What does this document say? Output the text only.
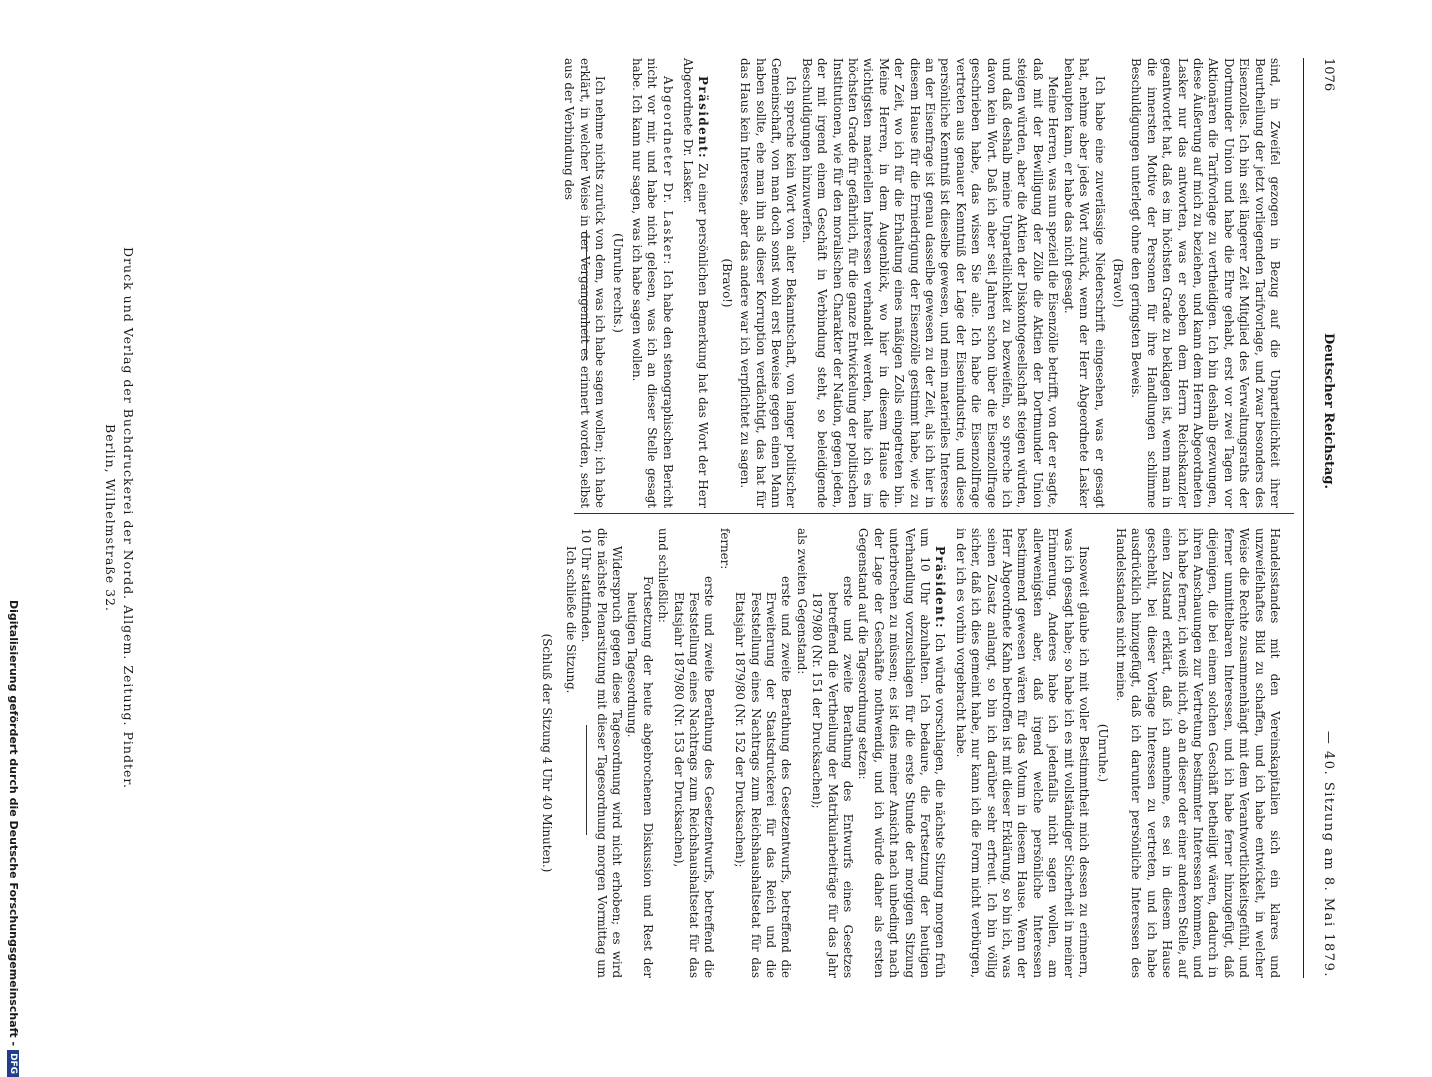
1076
Deutscher Reichstag.
— 40. Sitzung am 8. Mai 1879.

sind, in Zweifel gezogen in Bezug auf die Unparteilichkeit ihrer Beurtheilung der jetzt vorliegenden Tarifvorlage, und zwar besonders des Eisenzolles. Ich bin seit längerer Zeit Mitglied des Verwaltungsraths der Dortmunder Union und habe die Ehre gehabt, erst vor zwei Tagen vor Aktionären die Tarifvorlage zu vertheidigen. Ich bin deshalb gezwungen, diese Äußerung auf mich zu beziehen, und kann dem Herrn Abgeordneten Lasker nur das antworten, was er soeben dem Herrn Reichskanzler geantwortet hat, daß es im höchsten Grade zu beklagen ist, wenn man in die innersten Motive der Personen für ihre Handlungen schlimme Beschuldigungen unterlegt ohne den geringsten Beweis.

(Bravo!)

Ich habe eine zuverlässige Niederschrift eingesehen, was er gesagt hat, nehme aber jedes Wort zurück, wenn der Herr Abgeordnete Lasker behaupten kann, er habe das nicht gesagt.

Meine Herren, was nun speziell die Eisenzölle betrifft, von der er sagte, daß mit der Bewilligung der Zölle die Aktien der Dortmunder Union steigen würden, aber die Aktien der Diskontogesellschaft steigen würden, und daß deshalb meine Unparteilichkeit zu bezweifeln, so spreche ich davon kein Wort. Daß ich aber seit Jahren schon über die Eisenzollfrage geschrieben habe, das wissen Sie alle. Ich habe die Eisenzollfrage vertreten aus genauer Kenntniß der Lage der Eisenindustrie, und diese persönliche Kenntniß ist dieselbe gewesen, und mein materielles Interesse an der Eisenfrage ist genau dasselbe gewesen zu der Zeit, als ich hier in diesem Hause für die Erniedrigung der Eisenzölle gestimmt habe, wie zu der Zeit, wo ich für die Erhaltung eines mäßigen Zolls eingetreten bin. Meine Herren, in dem Augenblick, wo hier in diesem Hause die wichtigsten materiellen Interessen verhandelt werden, halte ich es im höchsten Grade für gefährlich, für die ganze Entwickelung der politischen Institutionen, wie für den moralischen Charakter der Nation, gegen jeden, der mit irgend einem Geschäft in Verbindung steht, so beleidigende Beschuldigungen hinzuwerfen.

Ich spreche kein Wort von alter Bekanntschaft, von langer politischer Gemeinschaft, von man doch sonst wohl erst Beweise gegen einen Mann haben sollte, ehe man ihn als dieser Korruption verdächtigt, das hat für das Haus kein Interesse, aber das andere war ich verpflichtet zu sagen.

(Bravo!)

Präsident: Zu einer persönlichen Bemerkung hat das Wort der Herr Abgeordnete Dr. Lasker.

Abgeordneter Dr. Lasker: Ich habe den stenographischen Bericht nicht vor mir, und habe nicht gelesen, was ich an dieser Stelle gesagt habe. Ich kann nur sagen, was ich habe sagen wollen.

(Unruhe rechts.)

Ich nehme nichts zurück von dem, was ich habe sagen wollen; ich habe erklärt, in welcher Weise in der Vergangenheit es erinnert worden, selbst aus der Verbindung des

Handelsstandes mit den Vereinskapitalien sich ein klares und unzweifelhaftes Bild zu schaffen, und ich habe entwickelt, in welcher Weise die Rechte zusammenhängt mit dem Verantwortlichkeitsgefühl, und ferner unmittelbaren Interessen, und ich habe ferner hinzugefügt, daß diejenigen, die bei einem solchen Geschäft betheiligt wären, dadurch in ihren Anschauungen zur Vertretung bestimmter Interessen kommen, und ich habe ferner, ich weiß nicht, ob an dieser oder einer anderen Stelle, auf einen Zustand erklärt, daß ich annehme, es sei in diesem Hause geschehlt, bei dieser Vorlage Interessen zu vertreten, und ich habe ausdrücklich hinzugefügt, daß ich darunter persönliche Interessen des Handelsstandes nicht meine.

(Unruhe.)

Insoweit glaube ich mit voller Bestimmtheit mich dessen zu erinnern, was ich gesagt habe; so habe ich es mit vollständiger Sicherheit in meiner Erinnerung. Anderes habe ich jedenfalls nicht sagen wollen, am allerwenigsten aber, daß irgend welche persönliche Interessen bestimmend gewesen wären für das Votum in diesem Hause. Wenn der Herr Abgeordnete Kahn betroffen ist mit dieser Erklärung, so bin ich, was seinen Zusatz anlangt, so bin ich darüber sehr erfreut. Ich bin völlig sicher, daß ich dies gemeint habe, nur kann ich die Form nicht verbürgen, in der ich es vorhin vorgebracht habe.

Präsident: Ich würde vorschlagen, die nächste Sitzung morgen früh um 10 Uhr abzuhalten. Ich bedaure, die Fortsetzung der heutigen Verhandlung vorzuschlagen für die erste Stunde der morgigen Sitzung unterbrechen zu müssen; es ist dies meiner Ansicht nach unbedingt nach der Lage der Geschäfte nothwendig, und ich würde daher als ersten Gegenstand auf die Tagesordnung setzen:

erste und zweite Berathung des Entwurfs eines Gesetzes betreffend die Vertheilung der Matrikularbeiträge für das Jahr 1879/80 (Nr. 151 der Drucksachen);

als zweiten Gegenstand:

erste und zweite Berathung des Gesetzentwurfs, betreffend die Erweiterung der Staatsdruckerei für das Reich und die Feststellung eines Nachtrags zum Reichshaushaltsetat für das Etatsjahr 1879/80 (Nr. 152 der Drucksachen);

ferner:

erste und zweite Berathung des Gesetzentwurfs, betreffend die Feststellung eines Nachtrags zum Reichshaushaltsetat für das Etatsjahr 1879/80 (Nr. 153 der Drucksachen),

und schließlich:

Fortsetzung der heute abgebrochenen Diskussion und Rest der heutigen Tagesordnung.

Widerspruch gegen diese Tagesordnung wird nicht erhoben; es wird die nächste Plenarsitzung mit dieser Tagesordnung morgen Vormittag um 10 Uhr stattfinden.

Ich schließe die Sitzung.

(Schluß der Sitzung 4 Uhr 40 Minuten.)

Druck und Verlag der Buchdruckerei der Nordd. Allgem. Zeitung. Pindter.
Berlin, Wilhelmstraße 32.
Digitalisierung gefördert durch die Deutsche Forschungsgemeinschaft -
DFG
